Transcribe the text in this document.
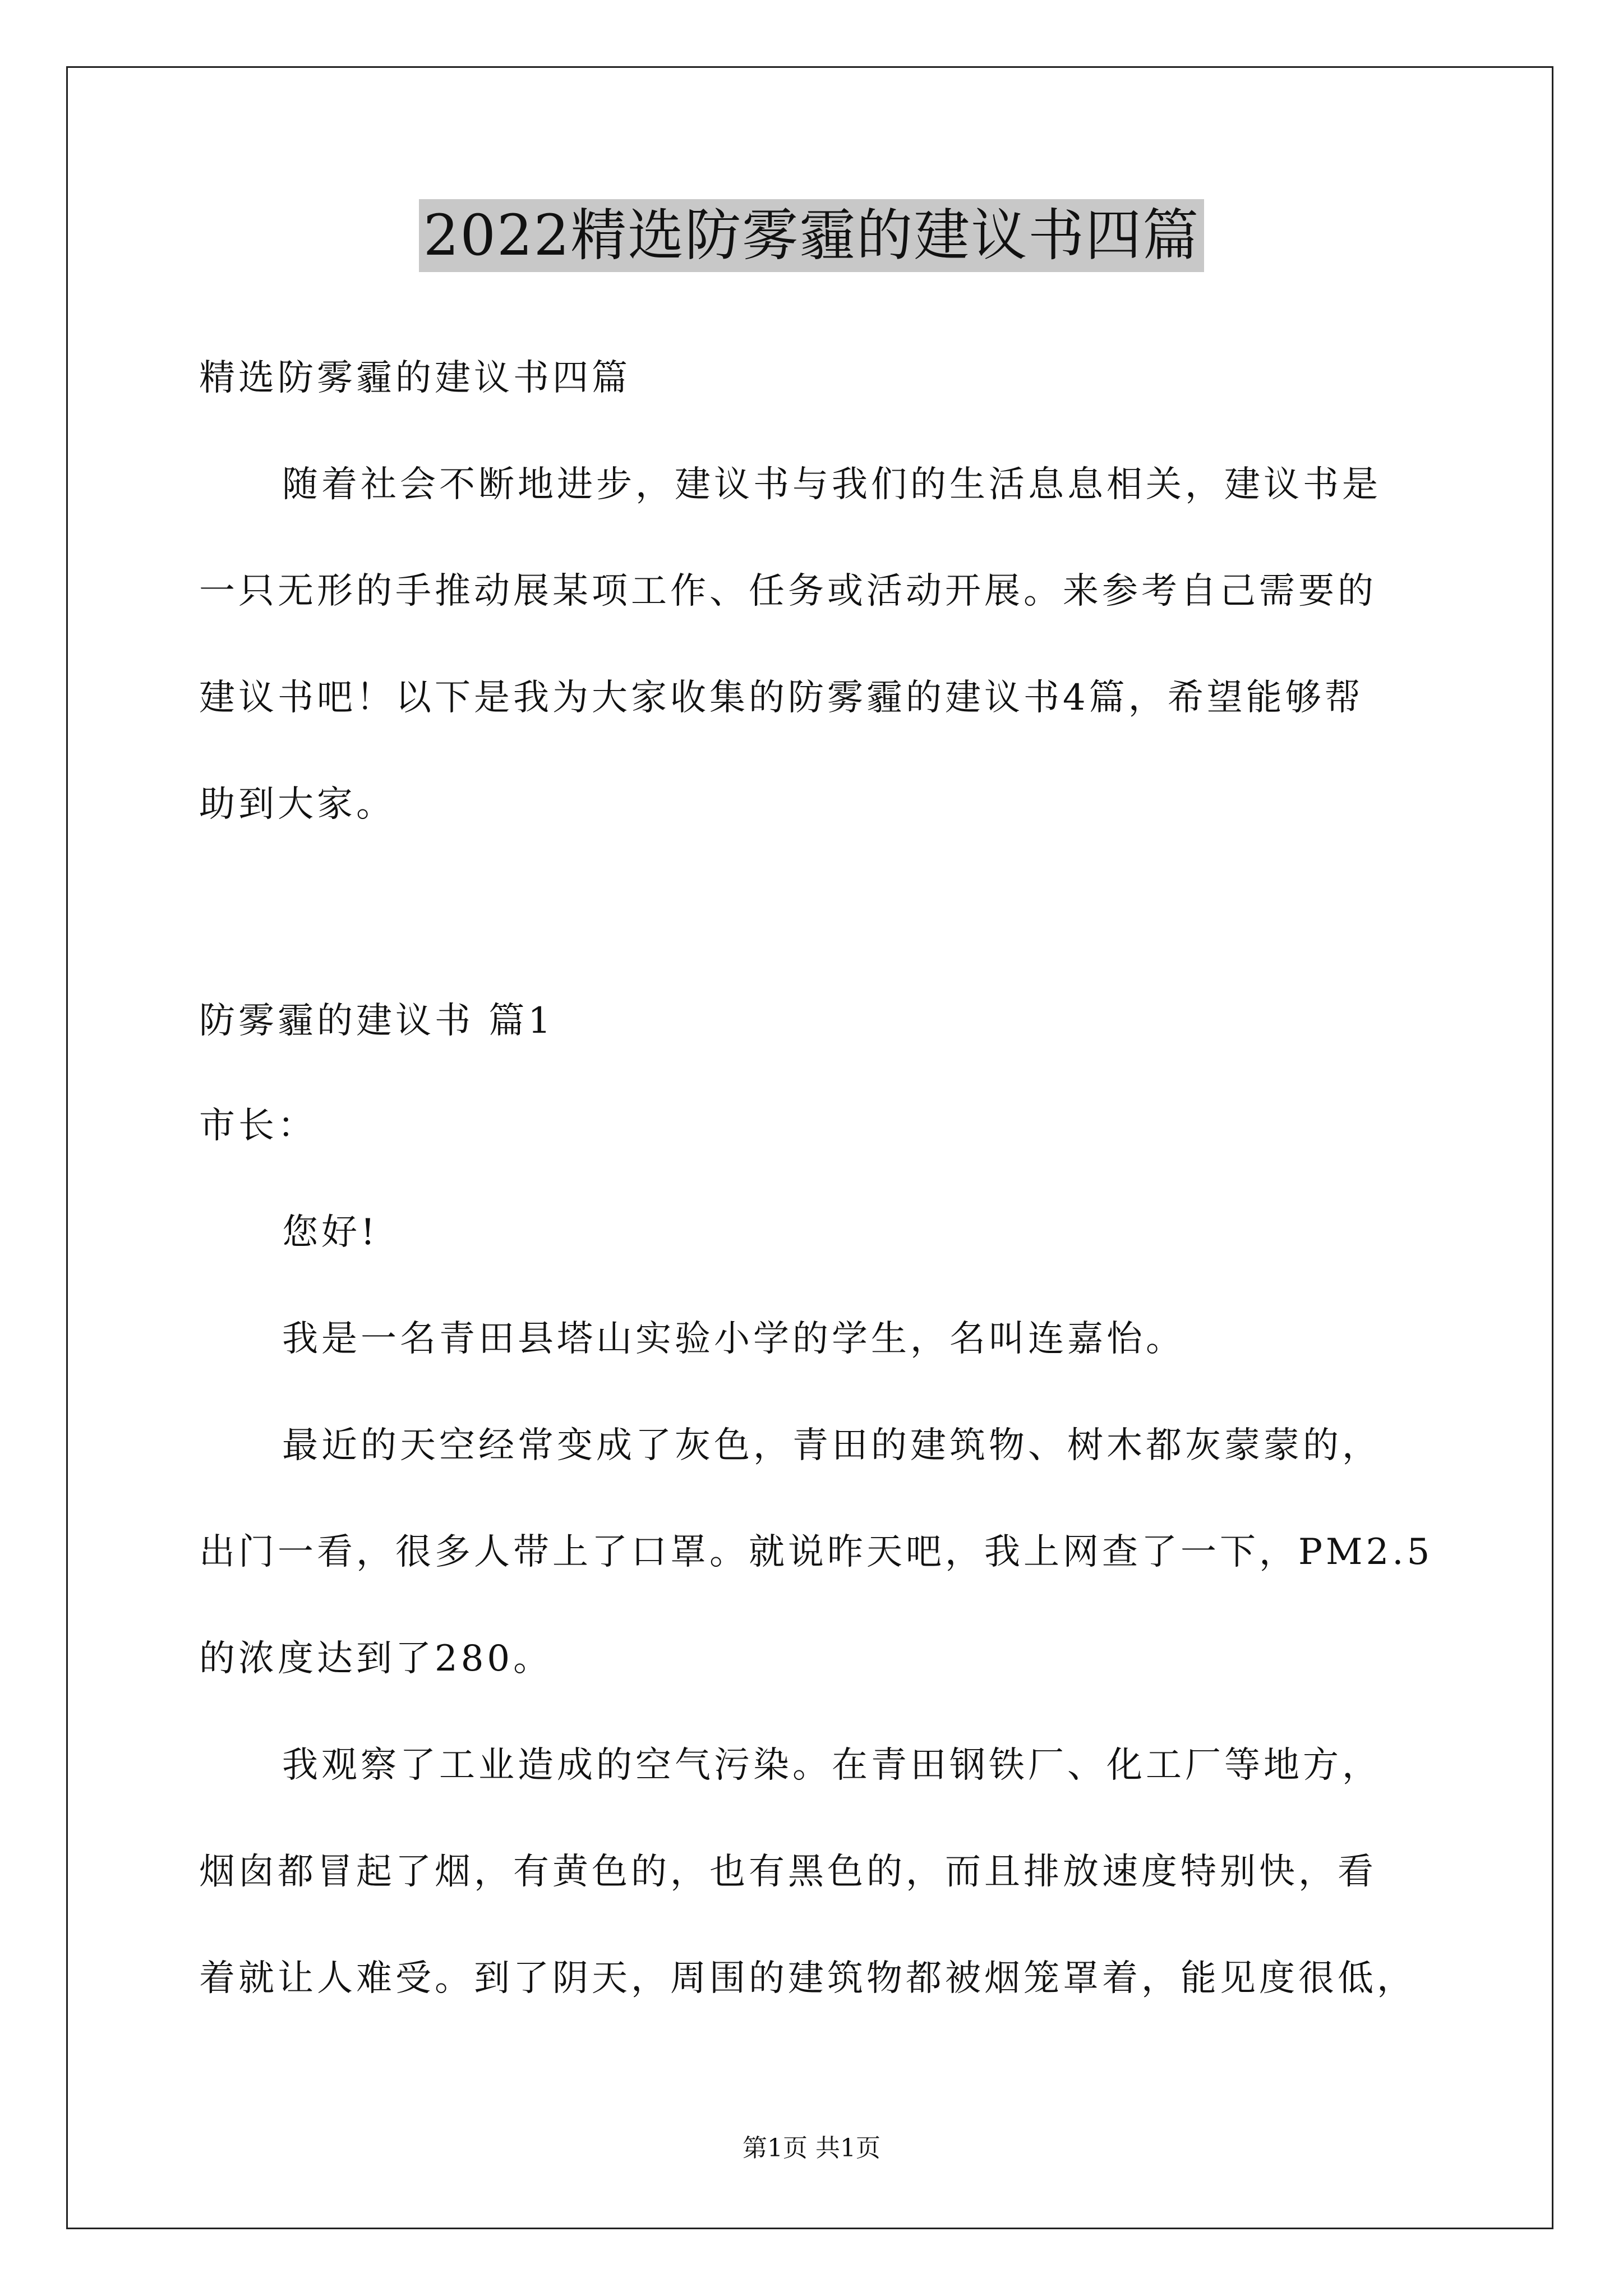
2022精选防雾霾的建议书四篇
精选防雾霾的建议书四篇
随着社会不断地进步，建议书与我们的生活息息相关，建议书是
一只无形的手推动展某项工作、任务或活动开展。来参考自己需要的
建议书吧！以下是我为大家收集的防雾霾的建议书4篇，希望能够帮
助到大家。
防雾霾的建议书 篇1
市长：
您好!
我是一名青田县塔山实验小学的学生，名叫连嘉怡。
最近的天空经常变成了灰色，青田的建筑物、树木都灰蒙蒙的，
出门一看，很多人带上了口罩。就说昨天吧，我上网查了一下，PM2.5
的浓度达到了280。
我观察了工业造成的空气污染。在青田钢铁厂、化工厂等地方，
烟囱都冒起了烟，有黄色的，也有黑色的，而且排放速度特别快，看
着就让人难受。到了阴天，周围的建筑物都被烟笼罩着，能见度很低，
第1页 共1页
